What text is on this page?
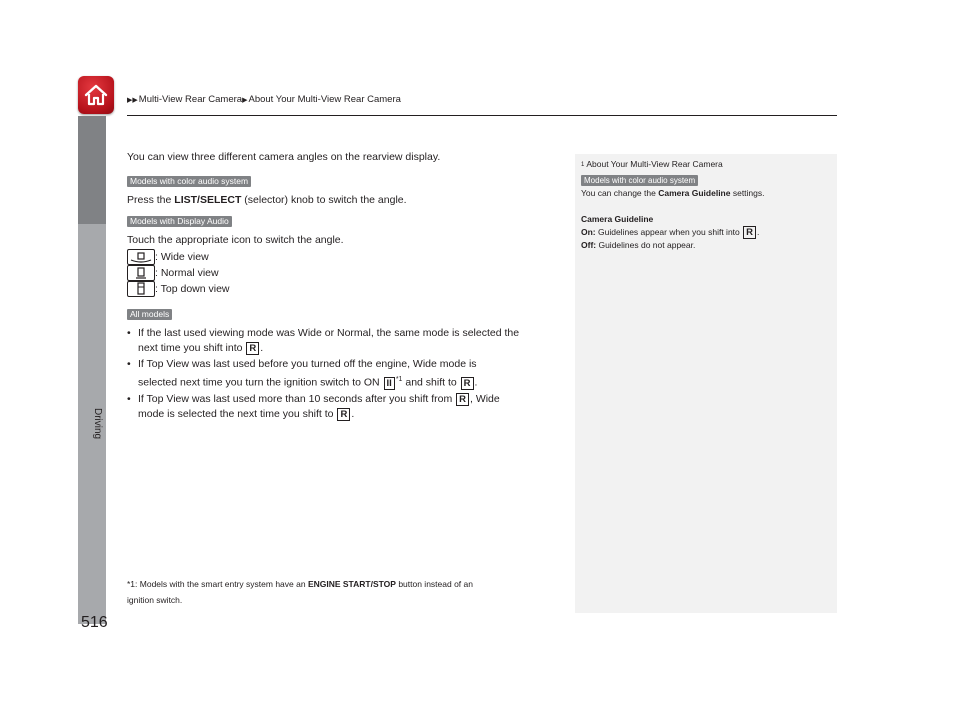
▶▶Multi-View Rear Camera▶About Your Multi-View Rear Camera
Driving
516

You can view three different camera angles on the rearview display.

Models with color audio system

Press the LIST/SELECT (selector) knob to switch the angle.

Models with Display Audio

Touch the appropriate icon to switch the angle.

: Wide view
: Normal view
: Top down view
All models
• If the last used viewing mode was Wide or Normal, the same mode is selected the
next time you shift into R .
• If Top View was last used before you turned off the engine, Wide mode is
selected next time you turn the ignition switch to ON II $^{*1}$ and shift to R .
• If Top View was last used more than 10 seconds after you shift from R , Wide
mode is selected the next time you shift to R .
*1: Models with the smart entry system have an ENGINE START/STOP button instead of an
ignition switch.
1 About Your Multi-View Rear Camera
Models with color audio system
You can change the Camera Guideline settings.
Camera Guideline
On: Guidelines appear when you shift into R .
Off: Guidelines do not appear.
